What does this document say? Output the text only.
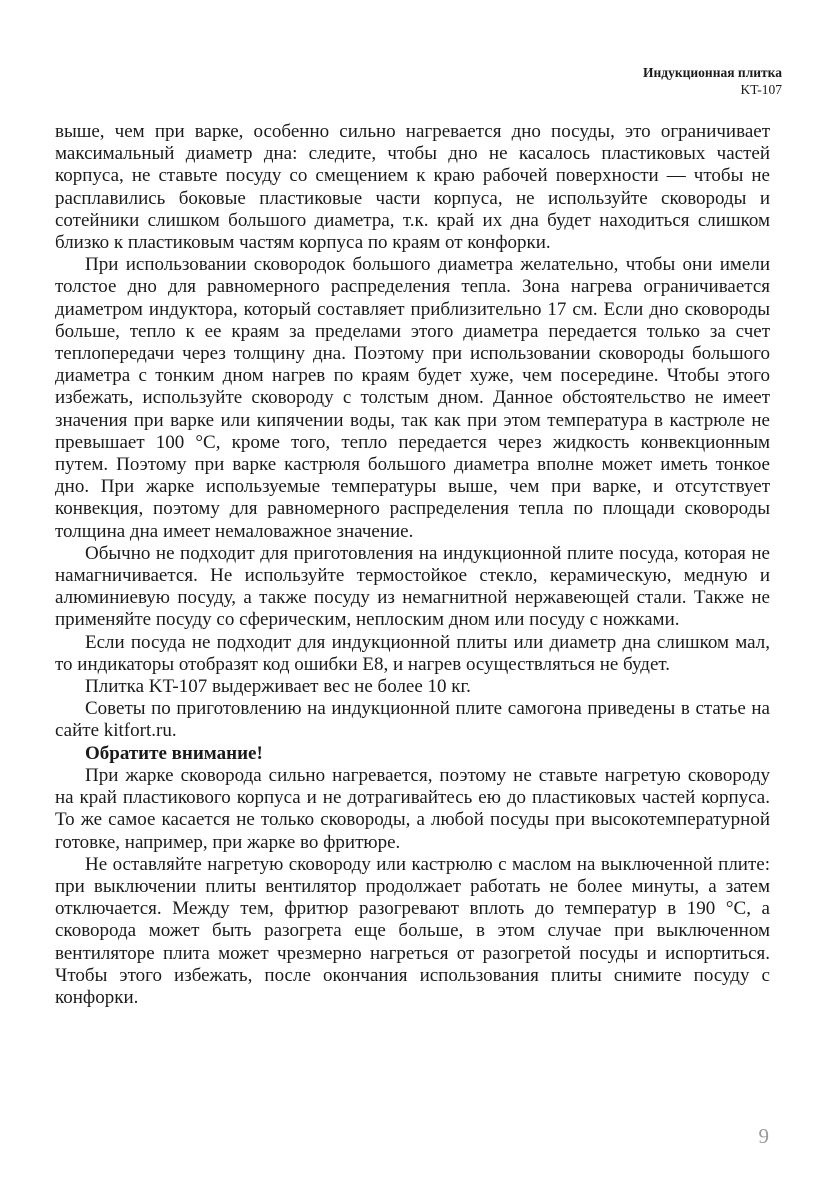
Индукционная плитка
KT-107

выше, чем при варке, особенно сильно нагревается дно посуды, это ограничивает максимальный диаметр дна: следите, чтобы дно не касалось пластиковых частей корпуса, не ставьте посуду со смещением к краю рабочей поверхности — чтобы не расплавились боковые пластиковые части корпуса, не используйте сковороды и сотейники слишком большого диаметра, т.к. край их дна будет находиться слишком близко к пластиковым частям корпуса по краям от конфорки.

При использовании сковородок большого диаметра желательно, чтобы они имели толстое дно для равномерного распределения тепла. Зона нагрева ограничивается диаметром индуктора, который составляет приблизительно 17 см. Если дно сковороды больше, тепло к ее краям за пределами этого диаметра передается только за счет теплопередачи через толщину дна. Поэтому при использовании сковороды большого диаметра с тонким дном нагрев по краям будет хуже, чем посередине. Чтобы этого избежать, используйте сковороду с толстым дном. Данное обстоятельство не имеет значения при варке или кипячении воды, так как при этом температура в кастрюле не превышает 100 °C, кроме того, тепло передается через жидкость конвекционным путем. Поэтому при варке кастрюля большого диаметра вполне может иметь тонкое дно. При жарке используемые температуры выше, чем при варке, и отсутствует конвекция, поэтому для равномерного распределения тепла по площади сковороды толщина дна имеет немаловажное значение.

Обычно не подходит для приготовления на индукционной плите посуда, которая не намагничивается. Не используйте термостойкое стекло, керамическую, медную и алюминиевую посуду, а также посуду из немагнитной нержавеющей стали. Также не применяйте посуду со сферическим, неплоским дном или посуду с ножками.

Если посуда не подходит для индукционной плиты или диаметр дна слишком мал, то индикаторы отобразят код ошибки E8, и нагрев осуществляться не будет.

Плитка KT-107 выдерживает вес не более 10 кг.

Советы по приготовлению на индукционной плите самогона приведены в статье на сайте kitfort.ru.

Обратите внимание!

При жарке сковорода сильно нагревается, поэтому не ставьте нагретую сковороду на край пластикового корпуса и не дотрагивайтесь ею до пластиковых частей корпуса. То же самое касается не только сковороды, а любой посуды при высокотемпературной готовке, например, при жарке во фритюре.

Не оставляйте нагретую сковороду или кастрюлю с маслом на выключенной плите: при выключении плиты вентилятор продолжает работать не более минуты, а затем отключается. Между тем, фритюр разогревают вплоть до температур в 190 °C, а сковорода может быть разогрета еще больше, в этом случае при выключенном вентиляторе плита может чрезмерно нагреться от разогретой посуды и испортиться. Чтобы этого избежать, после окончания использования плиты снимите посуду с конфорки.

9
